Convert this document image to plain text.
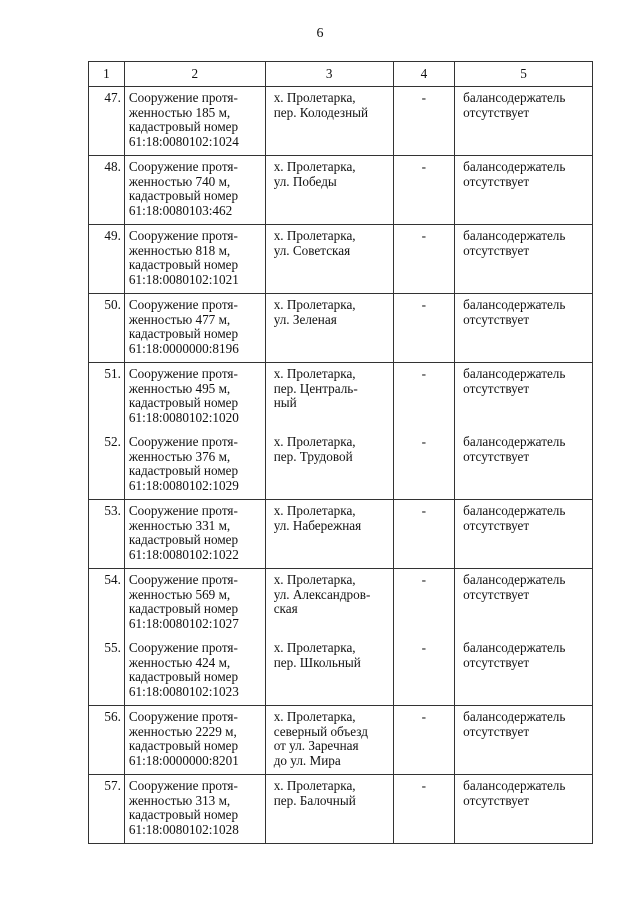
6
1	2	3	4	5
47.	Сооружение протя-
женностью 185 м,
кадастровый номер
61:18:0080102:1024	х. Пролетарка,
пер. Колодезный	-	балансодержатель
отсутствует

48.	Сооружение протя-
женностью 740 м,
кадастровый номер
61:18:0080103:462	х. Пролетарка,
ул. Победы	-	балансодержатель
отсутствует

49.	Сооружение протя-
женностью 818 м,
кадастровый номер
61:18:0080102:1021	х. Пролетарка,
ул. Советская	-	балансодержатель
отсутствует

50.	Сооружение протя-
женностью 477 м,
кадастровый номер
61:18:0000000:8196	х. Пролетарка,
ул. Зеленая	-	балансодержатель
отсутствует

51.	Сооружение протя-
женностью 495 м,
кадастровый номер
61:18:0080102:1020	х. Пролетарка,
пер. Централь-
ный	-	балансодержатель
отсутствует

52.	Сооружение протя-
женностью 376 м,
кадастровый номер
61:18:0080102:1029	х. Пролетарка,
пер. Трудовой	-	балансодержатель
отсутствует

53.	Сооружение протя-
женностью 331 м,
кадастровый номер
61:18:0080102:1022	х. Пролетарка,
ул. Набережная	-	балансодержатель
отсутствует

54.	Сооружение протя-
женностью 569 м,
кадастровый номер
61:18:0080102:1027	х. Пролетарка,
ул. Александров-
ская	-	балансодержатель
отсутствует

55.	Сооружение протя-
женностью 424 м,
кадастровый номер
61:18:0080102:1023	х. Пролетарка,
пер. Школьный	-	балансодержатель
отсутствует

56.	Сооружение протя-
женностью 2229 м,
кадастровый номер
61:18:0000000:8201	х. Пролетарка,
северный объезд
от ул. Заречная
до ул. Мира	-	балансодержатель
отсутствует

57.	Сооружение протя-
женностью 313 м,
кадастровый номер
61:18:0080102:1028	х. Пролетарка,
пер. Балочный	-	балансодержатель
отсутствует
